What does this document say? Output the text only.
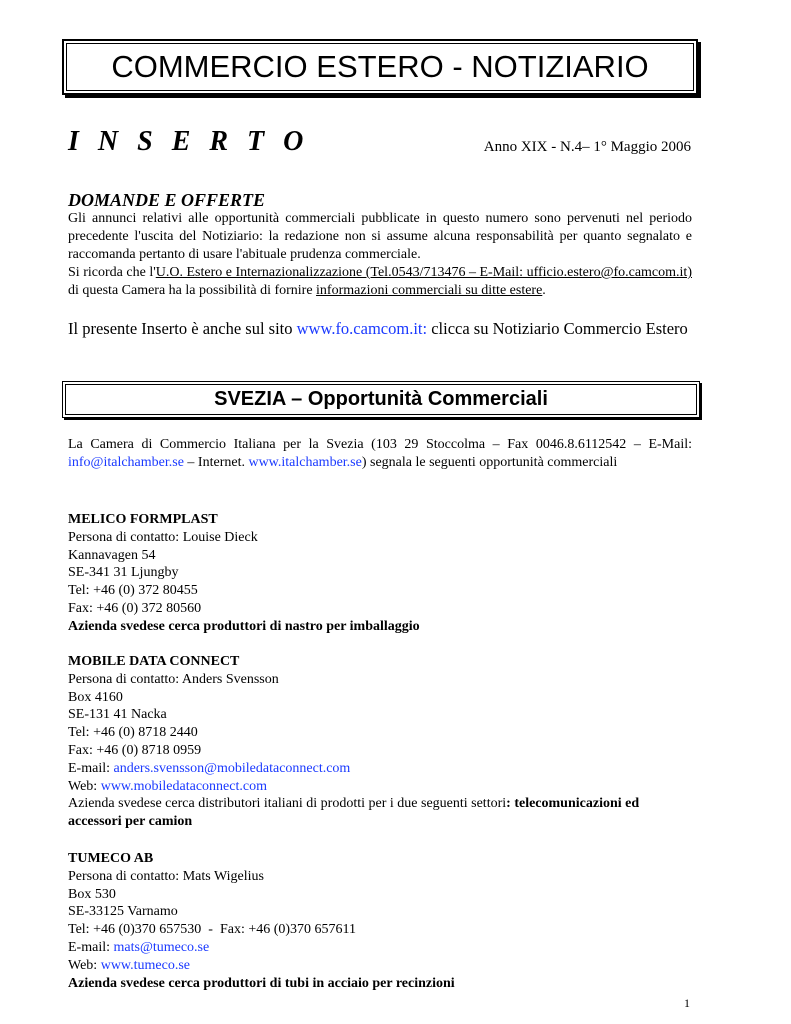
COMMERCIO ESTERO - NOTIZIARIO
I N S E R T O	Anno XIX - N.4– 1° Maggio 2006
DOMANDE E OFFERTE
Gli annunci relativi alle opportunità commerciali pubblicate in questo numero sono pervenuti nel periodo precedente l'uscita del Notiziario: la redazione non si assume alcuna responsabilità per quanto segnalato e raccomanda pertanto di usare l'abituale prudenza commerciale.
Si ricorda che l'U.O. Estero e Internazionalizzazione (Tel.0543/713476 – E-Mail: ufficio.estero@fo.camcom.it) di questa Camera ha la possibilità di fornire informazioni commerciali su ditte estere.
Il presente Inserto è anche sul sito www.fo.camcom.it: clicca su Notiziario Commercio Estero
SVEZIA – Opportunità Commerciali
La Camera di Commercio Italiana per la Svezia (103 29 Stoccolma – Fax 0046.8.6112542 – E-Mail: info@italchamber.se – Internet. www.italchamber.se) segnala le seguenti opportunità commerciali
MELICO FORMPLAST
Persona di contatto: Louise Dieck
Kannavagen 54
SE-341 31 Ljungby
Tel: +46 (0) 372 80455
Fax: +46 (0) 372 80560
Azienda svedese cerca produttori di nastro per imballaggio
MOBILE DATA CONNECT
Persona di contatto: Anders Svensson
Box 4160
SE-131 41 Nacka
Tel: +46 (0) 8718 2440
Fax: +46 (0) 8718 0959
E-mail: anders.svensson@mobiledataconnect.com
Web: www.mobiledataconnect.com
Azienda svedese cerca distributori italiani di prodotti per i due seguenti settori: telecomunicazioni ed accessori per camion
TUMECO AB
Persona di contatto: Mats Wigelius
Box 530
SE-33125 Varnamo
Tel: +46 (0)370 657530  -  Fax: +46 (0)370 657611
E-mail: mats@tumeco.se
Web: www.tumeco.se
Azienda svedese cerca produttori di tubi in acciaio per recinzioni
1
